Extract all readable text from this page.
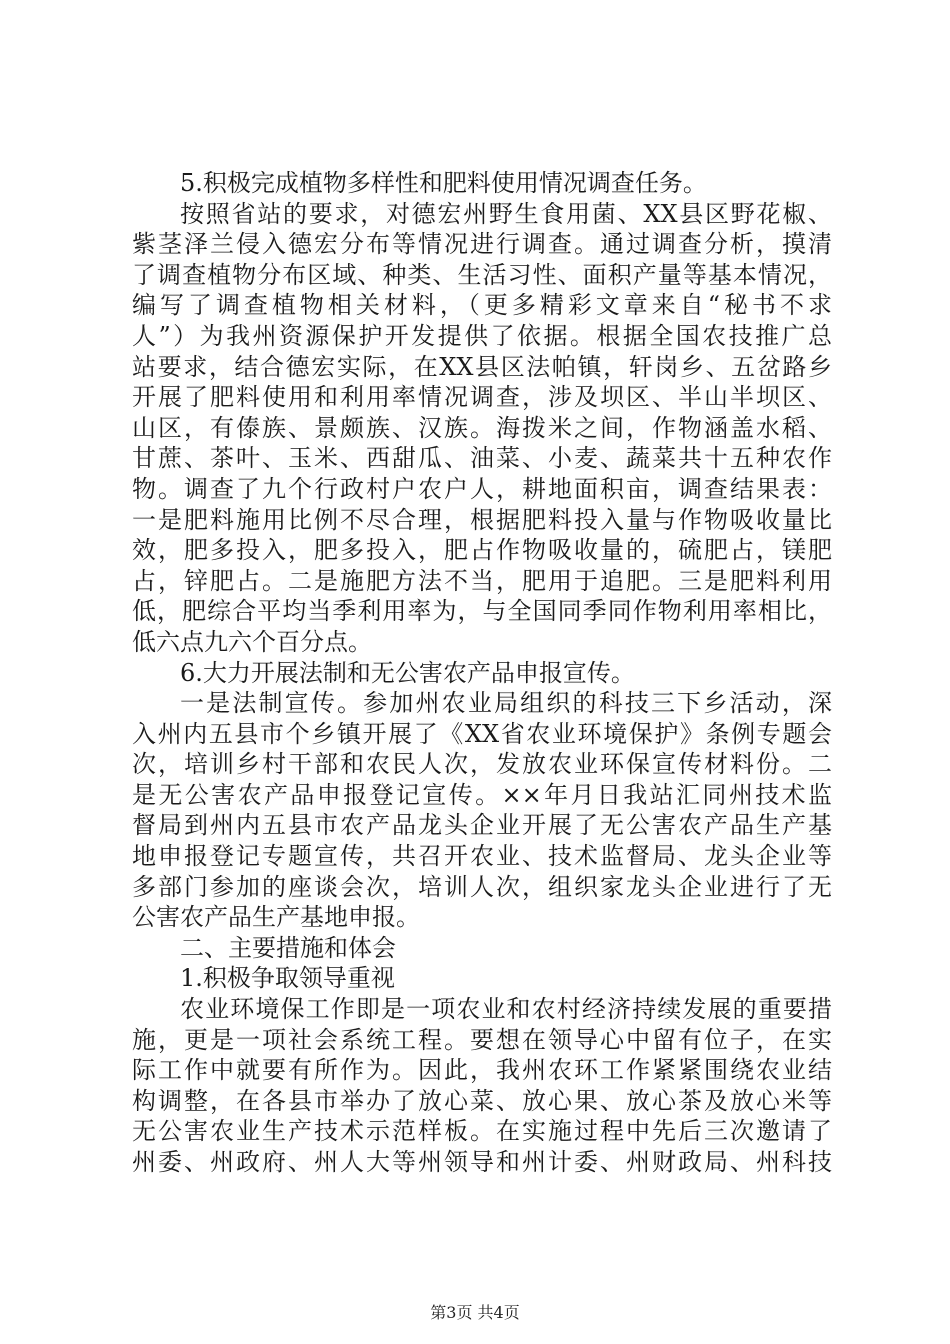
5.积极完成植物多样性和肥料使用情况调查任务。
按照省站的要求，对德宏州野生食用菌、XX县区野花椒、
紫茎泽兰侵入德宏分布等情况进行调查。通过调查分析，摸清
了调查植物分布区域、种类、生活习性、面积产量等基本情况，
编写了调查植物相关材料，（更多精彩文章来自“秘书不求
人”）为我州资源保护开发提供了依据。根据全国农技推广总
站要求，结合德宏实际，在XX县区法帕镇，轩岗乡、五岔路乡
开展了肥料使用和利用率情况调查，涉及坝区、半山半坝区、
山区，有傣族、景颇族、汉族。海拨米之间，作物涵盖水稻、
甘蔗、茶叶、玉米、西甜瓜、油菜、小麦、蔬菜共十五种农作
物。调查了九个行政村户农户人，耕地面积亩，调查结果表：
一是肥料施用比例不尽合理，根据肥料投入量与作物吸收量比
效，肥多投入，肥多投入，肥占作物吸收量的，硫肥占，镁肥
占，锌肥占。二是施肥方法不当，肥用于追肥。三是肥料利用
低，肥综合平均当季利用率为，与全国同季同作物利用率相比，
低六点九六个百分点。
6.大力开展法制和无公害农产品申报宣传。
一是法制宣传。参加州农业局组织的科技三下乡活动，深
入州内五县市个乡镇开展了《XX省农业环境保护》条例专题会
次，培训乡村干部和农民人次，发放农业环保宣传材料份。二
是无公害农产品申报登记宣传。××年月日我站汇同州技术监
督局到州内五县市农产品龙头企业开展了无公害农产品生产基
地申报登记专题宣传，共召开农业、技术监督局、龙头企业等
多部门参加的座谈会次，培训人次，组织家龙头企业进行了无
公害农产品生产基地申报。
二、主要措施和体会
1.积极争取领导重视
农业环境保工作即是一项农业和农村经济持续发展的重要措
施，更是一项社会系统工程。要想在领导心中留有位子，在实
际工作中就要有所作为。因此，我州农环工作紧紧围绕农业结
构调整，在各县市举办了放心菜、放心果、放心茶及放心米等
无公害农业生产技术示范样板。在实施过程中先后三次邀请了
州委、州政府、州人大等州领导和州计委、州财政局、州科技
第3页 共4页
